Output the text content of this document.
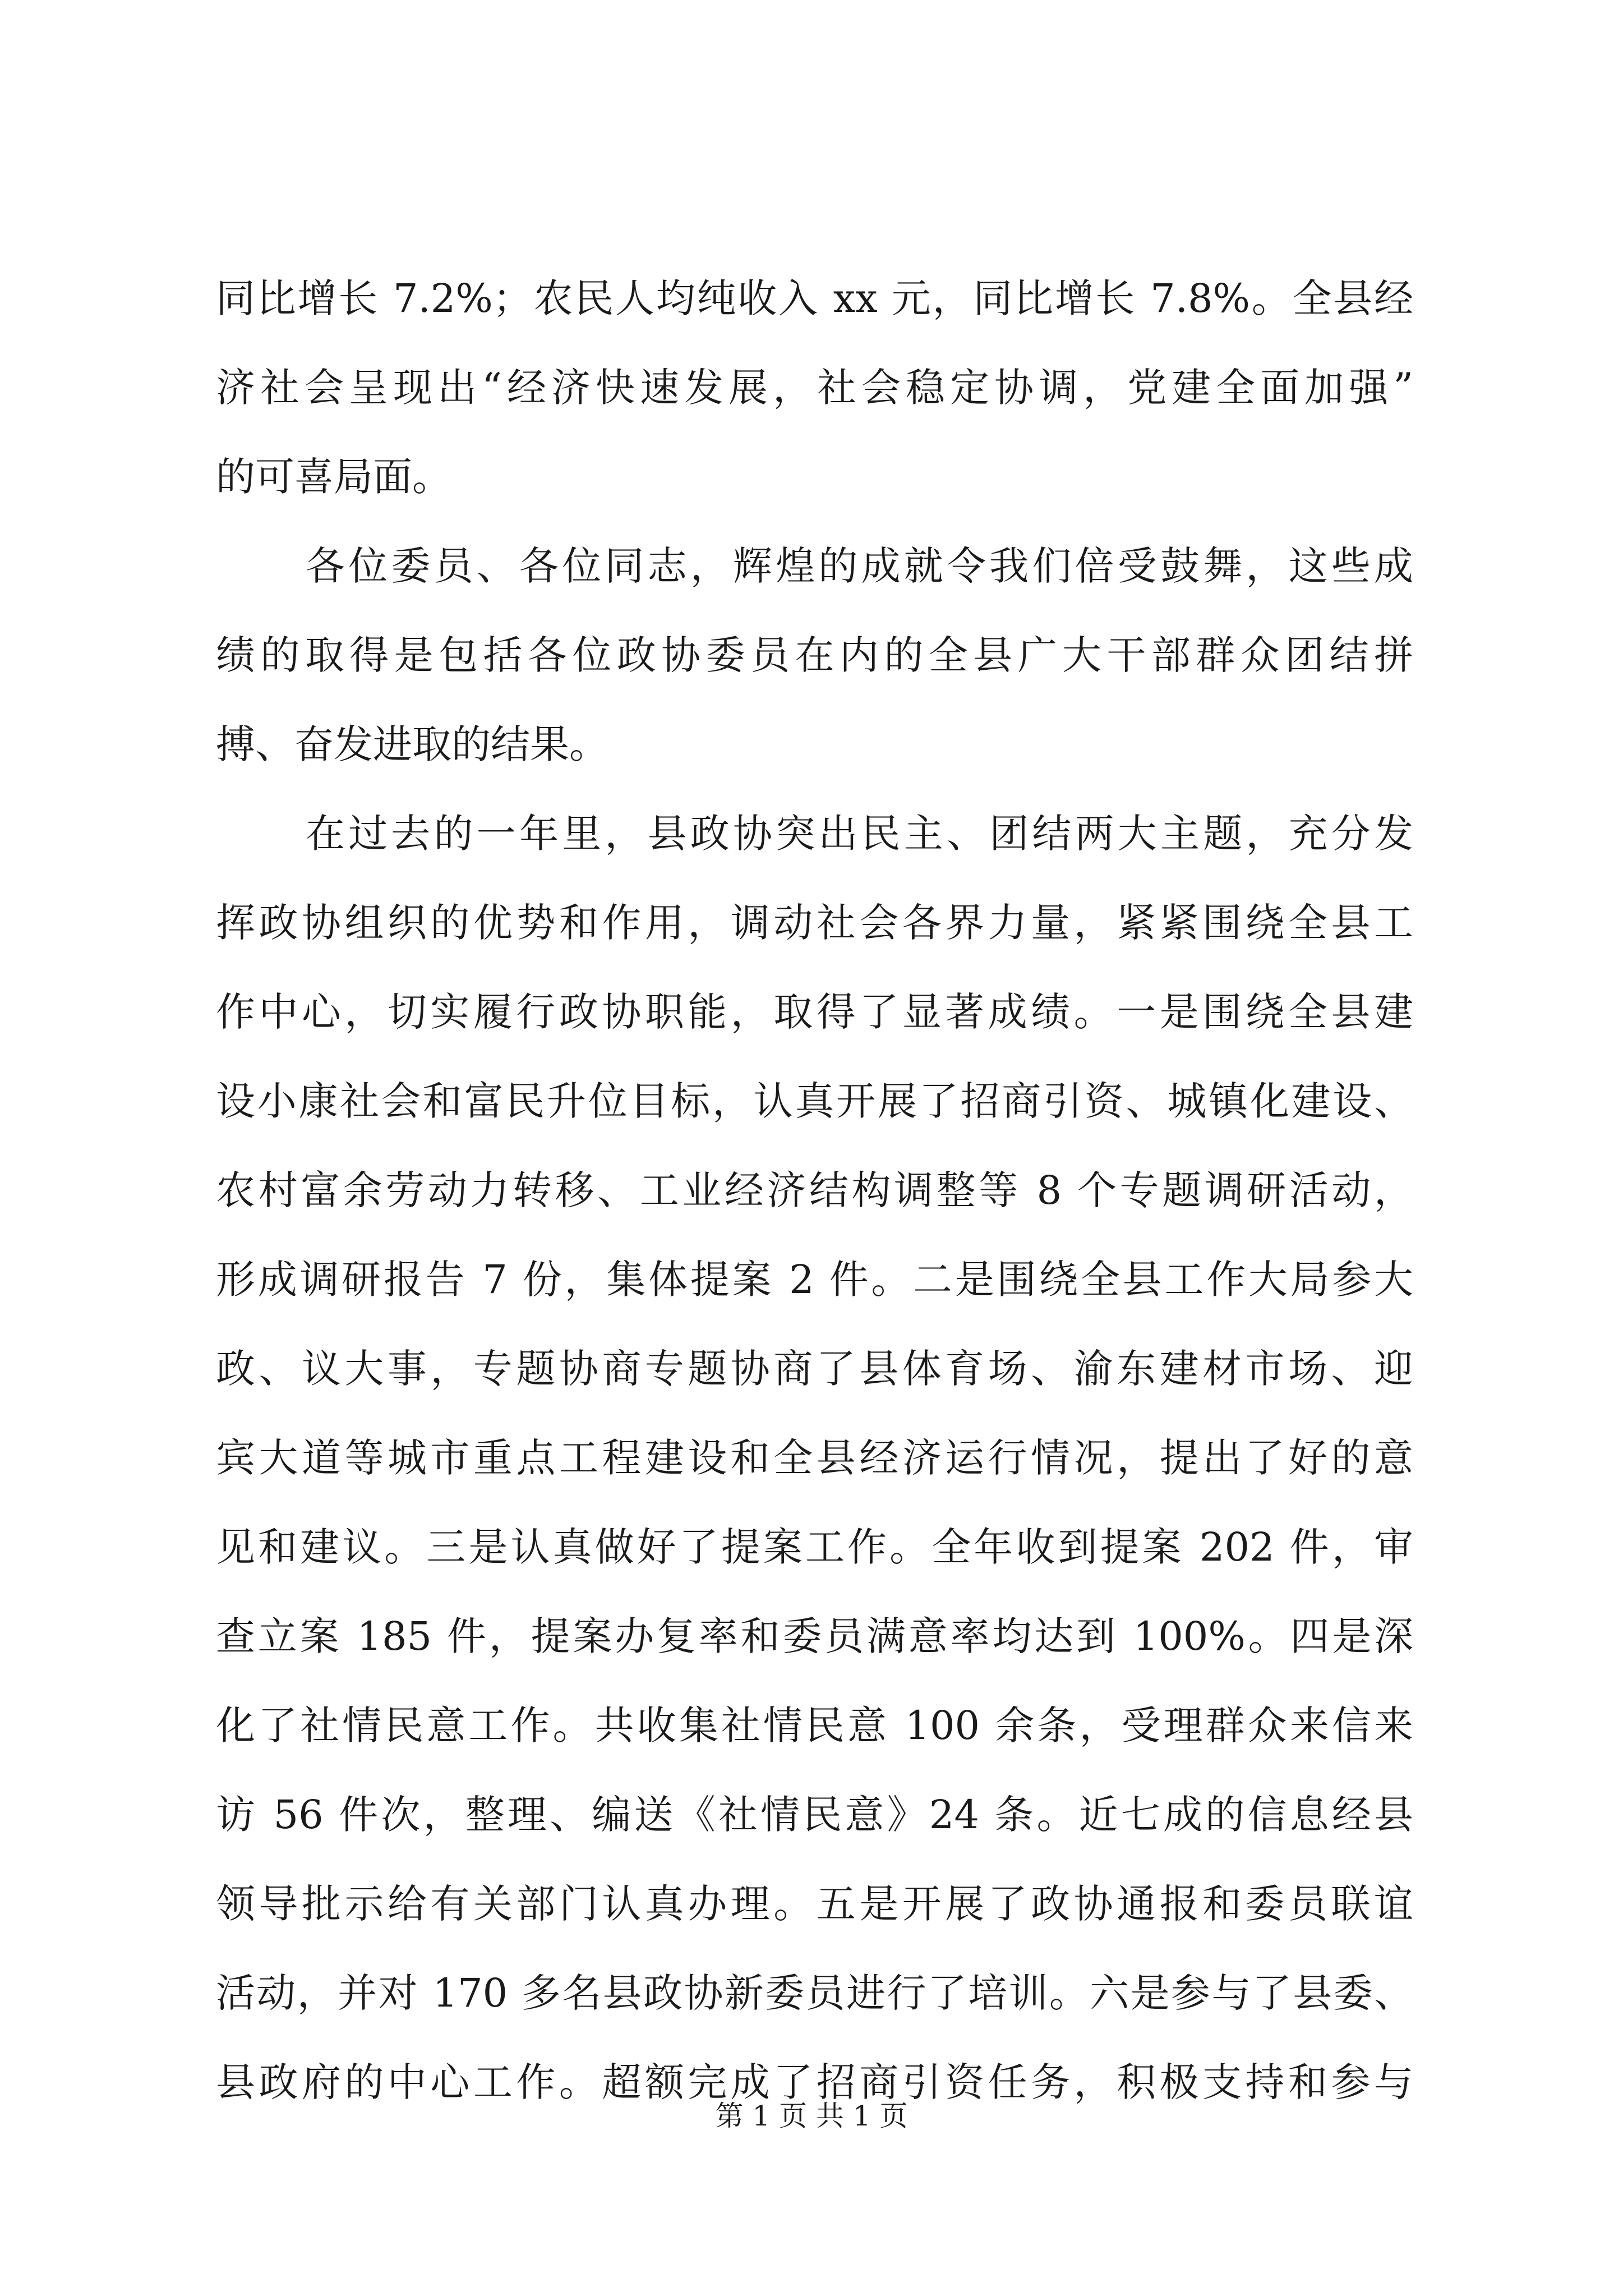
同比增长 7.2%；农民人均纯收入 xx 元，同比增长 7.8%。全县经
济社会呈现出“经济快速发展，社会稳定协调，党建全面加强”
的可喜局面。
各位委员、各位同志，辉煌的成就令我们倍受鼓舞，这些成
绩的取得是包括各位政协委员在内的全县广大干部群众团结拼
搏、奋发进取的结果。
在过去的一年里，县政协突出民主、团结两大主题，充分发
挥政协组织的优势和作用，调动社会各界力量，紧紧围绕全县工
作中心，切实履行政协职能，取得了显著成绩。一是围绕全县建
设小康社会和富民升位目标，认真开展了招商引资、城镇化建设、
农村富余劳动力转移、工业经济结构调整等 8 个专题调研活动，
形成调研报告 7 份，集体提案 2 件。二是围绕全县工作大局参大
政、议大事，专题协商专题协商了县体育场、渝东建材市场、迎
宾大道等城市重点工程建设和全县经济运行情况，提出了好的意
见和建议。三是认真做好了提案工作。全年收到提案 202 件，审
查立案 185 件，提案办复率和委员满意率均达到 100%。四是深
化了社情民意工作。共收集社情民意 100 余条，受理群众来信来
访 56 件次，整理、编送《社情民意》24 条。近七成的信息经县
领导批示给有关部门认真办理。五是开展了政协通报和委员联谊
活动，并对 170 多名县政协新委员进行了培训。六是参与了县委、
县政府的中心工作。超额完成了招商引资任务，积极支持和参与
第 1 页 共 1 页
